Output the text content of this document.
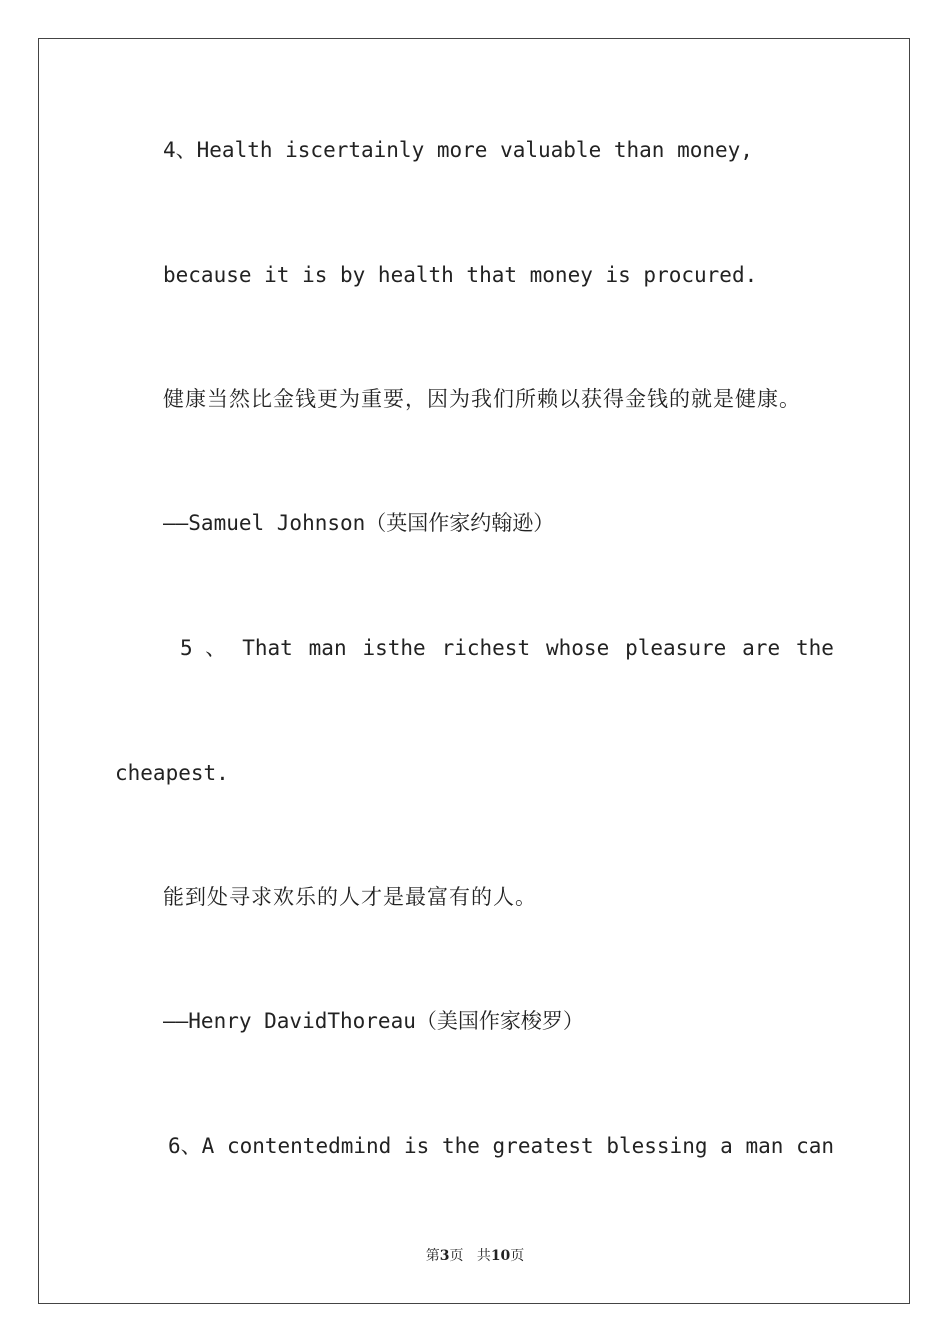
4、Health iscertainly more valuable than money,
because it is by health that money is procured.
健康当然比金钱更为重要，因为我们所赖以获得金钱的就是健康。
——Samuel Johnson（英国作家约翰逊）
5 、 That man isthe richest whose pleasure are the
cheapest.
能到处寻求欢乐的人才是最富有的人。
——Henry DavidThoreau（美国作家梭罗）
6、A contentedmind is the greatest blessing a man can
第3页 共10页
